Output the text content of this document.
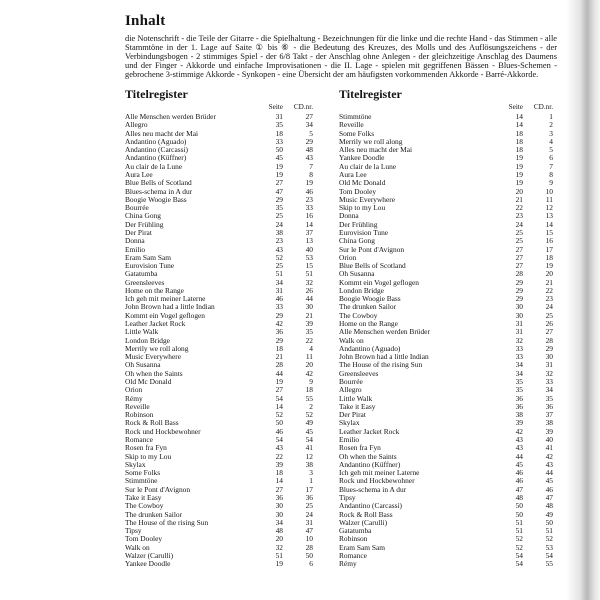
Inhalt

die Notenschrift - die Teile der Gitarre - die Spielhaltung - Bezeichnungen für die linke und die rechte Hand - das Stimmen - alle Stammtöne in der 1. Lage auf Saite ① bis ⑥ - die Bedeutung des Kreuzes, des Molls und des Auflösungszeichens - der Verbindungsbogen - 2 stimmiges Spiel - der 6/8 Takt - der Anschlag ohne Anlegen - der gleichzeitige Anschlag des Daumens und der Finger - Akkorde und einfache Improvisationen - die II. Lage - spielen mit gegriffenen Bässen - Blues-Schemen - gebrochene 3-stimmige Akkorde - Synkopen - eine Übersicht der am häufigsten vorkommenden Akkorde - Barré-Akkorde.

Titelregister
Seite	CD.nr.
Alle Menschen werden Brüder	31	27
Allegro	35	34
Alles neu macht der Mai	18	5
Andantino (Aguado)	33	29
Andantino (Carcassi)	50	48
Andantino (Küffner)	45	43
Au clair de la Lune	19	7
Aura Lee	19	8
Blue Bells of Scotland	27	19
Blues-schema in A dur	47	46
Boogie Woogie Bass	29	23
Bourrée	35	33
China Gong	25	16
Der Frühling	24	14
Der Pirat	38	37
Donna	23	13
Emilio	43	40
Eram Sam Sam	52	53
Eurovision Tune	25	15
Gatatumba	51	51
Greensleeves	34	32
Home on the Range	31	26
Ich geh mit meiner Laterne	46	44
John Brown had a little Indian	33	30
Kommt ein Vogel geflogen	29	21
Leather Jacket Rock	42	39
Little Walk	36	35
London Bridge	29	22
Merrily we roll along	18	4
Music Everywhere	21	11
Oh Susanna	28	20
Oh when the Saints	44	42
Old Mc Donald	19	9
Orion	27	18
Rémy	54	55
Reveille	14	2
Robinson	52	52
Rock & Roll Bass	50	49
Rock und Hockbewohner	46	45
Romance	54	54
Rosen fra Fyn	43	41
Skip to my Lou	22	12
Skylax	39	38
Some Folks	18	3
Stimmtöne	14	1
Sur le Pont d'Avignon	27	17
Take it Easy	36	36
The Cowboy	30	25
The drunken Sailor	30	24
The House of the rising Sun	34	31
Tipsy	48	47
Tom Dooley	20	10
Walk on	32	28
Walzer (Carulli)	51	50
Yankee Doodle	19	6
Titelregister
Seite	CD.nr.
Stimmtöne	14	1
Reveille	14	2
Some Folks	18	3
Merrily we roll along	18	4
Alles neu macht der Mai	18	5
Yankee Doodle	19	6
Au clair de la Lune	19	7
Aura Lee	19	8
Old Mc Donald	19	9
Tom Dooley	20	10
Music Everywhere	21	11
Skip to my Lou	22	12
Donna	23	13
Der Frühling	24	14
Eurovision Tune	25	15
China Gong	25	16
Sur le Pont d'Avignon	27	17
Orion	27	18
Blue Bells of Scotland	27	19
Oh Susanna	28	20
Kommt ein Vogel geflogen	29	21
London Bridge	29	22
Boogie Woogie Bass	29	23
The drunken Sailor	30	24
The Cowboy	30	25
Home on the Range	31	26
Alle Menschen werden Brüder	31	27
Walk on	32	28
Andantino (Aguado)	33	29
John Brown had a little Indian	33	30
The House of the rising Sun	34	31
Greensleeves	34	32
Bourrée	35	33
Allegro	35	34
Little Walk	36	35
Take it Easy	36	36
Der Pirat	38	37
Skylax	39	38
Leather Jacket Rock	42	39
Emilio	43	40
Rosen fra Fyn	43	41
Oh when the Saints	44	42
Andantino (Küffner)	45	43
Ich geh mit meiner Laterne	46	44
Rock und Hockbewohner	46	45
Blues-schema in A dur	47	46
Tipsy	48	47
Andantino (Carcassi)	50	48
Rock & Roll Bass	50	49
Walzer (Carulli)	51	50
Gatatumba	51	51
Robinson	52	52
Eram Sam Sam	52	53
Romance	54	54
Rémy	54	55
